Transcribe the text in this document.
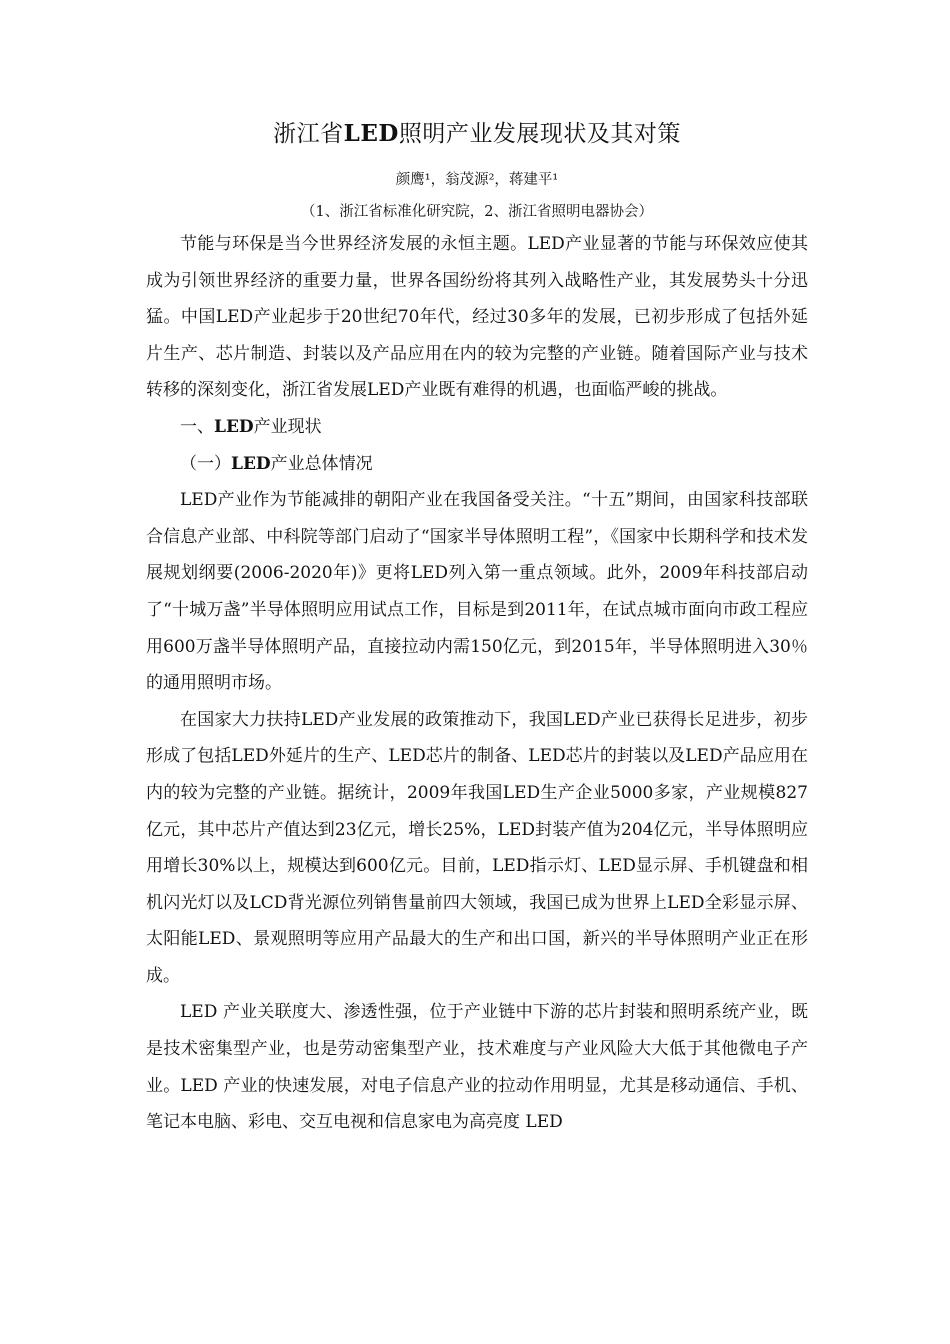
浙江省LED照明产业发展现状及其对策
颜鹰¹，翁茂源²，蒋建平¹
（1、浙江省标准化研究院，2、浙江省照明电器协会）

节能与环保是当今世界经济发展的永恒主题。LED产业显著的节能与环保效应使其成为引领世界经济的重要力量，世界各国纷纷将其列入战略性产业，其发展势头十分迅猛。中国LED产业起步于20世纪70年代，经过30多年的发展，已初步形成了包括外延片生产、芯片制造、封装以及产品应用在内的较为完整的产业链。随着国际产业与技术转移的深刻变化，浙江省发展LED产业既有难得的机遇，也面临严峻的挑战。

一、LED产业现状

（一）LED产业总体情况

LED产业作为节能减排的朝阳产业在我国备受关注。“十五”期间，由国家科技部联合信息产业部、中科院等部门启动了“国家半导体照明工程”，《国家中长期科学和技术发展规划纲要(2006-2020年)》更将LED列入第一重点领域。此外，2009年科技部启动了“十城万盏”半导体照明应用试点工作，目标是到2011年，在试点城市面向市政工程应用600万盏半导体照明产品，直接拉动内需150亿元，到2015年，半导体照明进入30％的通用照明市场。

在国家大力扶持LED产业发展的政策推动下，我国LED产业已获得长足进步，初步形成了包括LED外延片的生产、LED芯片的制备、LED芯片的封装以及LED产品应用在内的较为完整的产业链。据统计，2009年我国LED生产企业5000多家，产业规模827亿元，其中芯片产值达到23亿元，增长25%，LED封装产值为204亿元，半导体照明应用增长30%以上，规模达到600亿元。目前，LED指示灯、LED显示屏、手机键盘和相机闪光灯以及LCD背光源位列销售量前四大领域，我国已成为世界上LED全彩显示屏、太阳能LED、景观照明等应用产品最大的生产和出口国，新兴的半导体照明产业正在形成。

LED 产业关联度大、渗透性强，位于产业链中下游的芯片封装和照明系统产业，既是技术密集型产业，也是劳动密集型产业，技术难度与产业风险大大低于其他微电子产业。LED 产业的快速发展，对电子信息产业的拉动作用明显，尤其是移动通信、手机、笔记本电脑、彩电、交互电视和信息家电为高亮度 LED
